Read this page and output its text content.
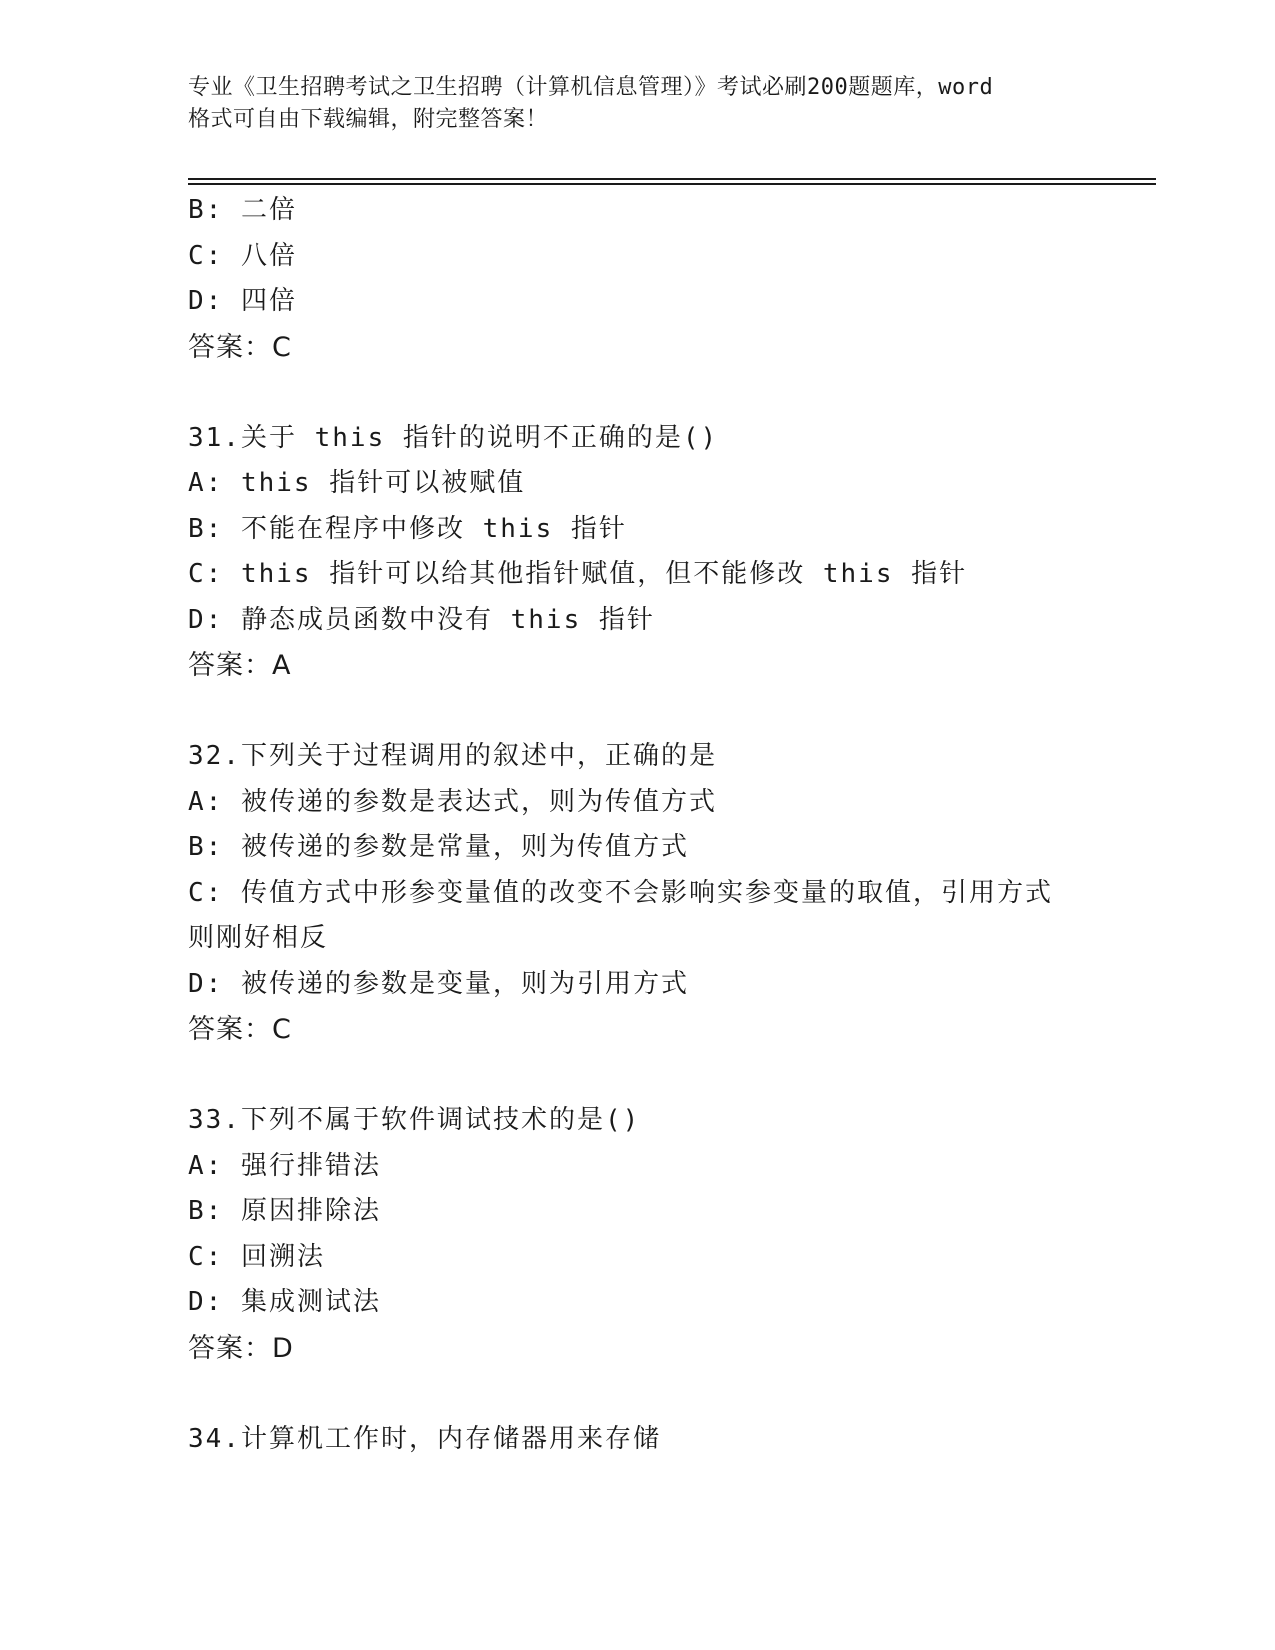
专业《卫生招聘考试之卫生招聘（计算机信息管理）》考试必刷200题题库，word
格式可自由下载编辑，附完整答案！
B: 二倍
C: 八倍
D: 四倍
答案：C
31.关于 this 指针的说明不正确的是()
A: this 指针可以被赋值
B: 不能在程序中修改 this 指针
C: this 指针可以给其他指针赋值，但不能修改 this 指针
D: 静态成员函数中没有 this 指针
答案：A
32.下列关于过程调用的叙述中，正确的是
A: 被传递的参数是表达式，则为传值方式
B: 被传递的参数是常量，则为传值方式
C: 传值方式中形参变量值的改变不会影响实参变量的取值，引用方式
则刚好相反
D: 被传递的参数是变量，则为引用方式
答案：C
33.下列不属于软件调试技术的是()
A: 强行排错法
B: 原因排除法
C: 回溯法
D: 集成测试法
答案：D
34.计算机工作时，内存储器用来存储
